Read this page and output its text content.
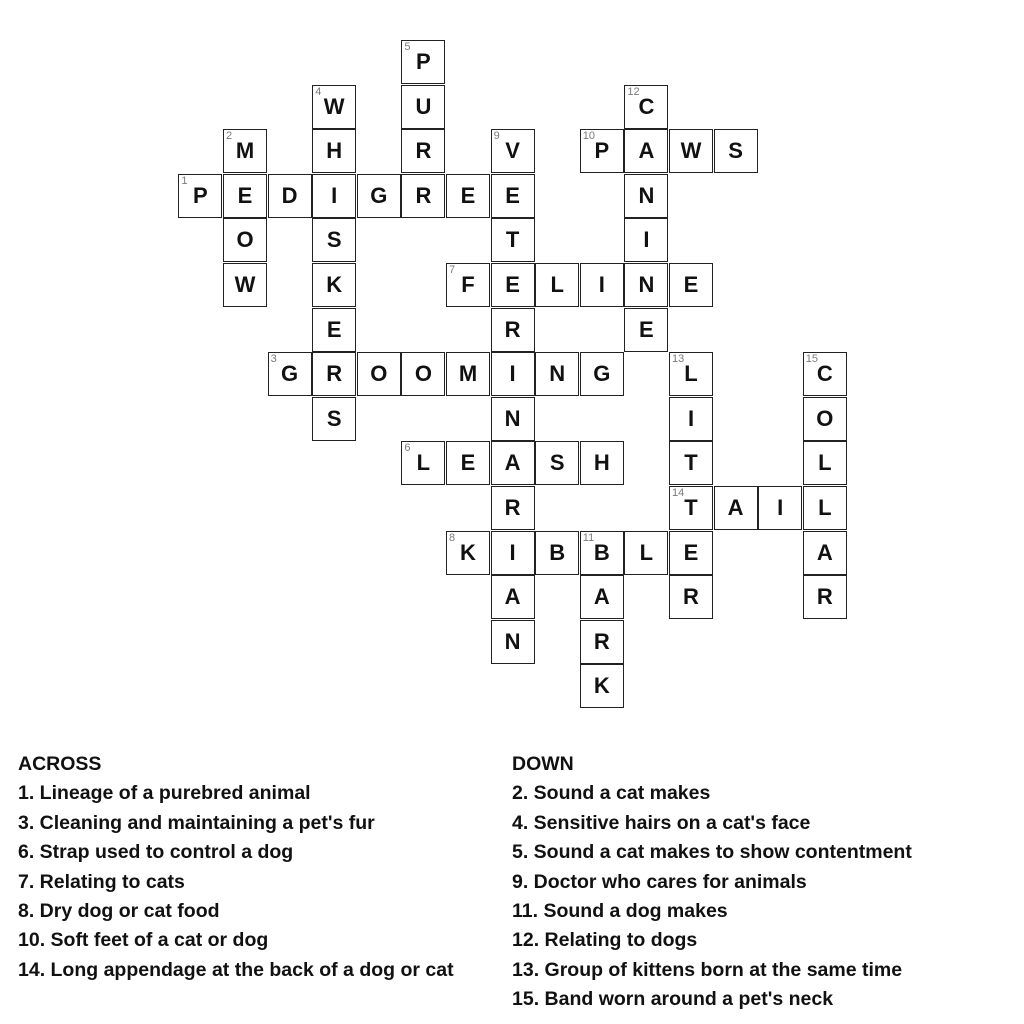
5
P
4
W	U
12
C
2
M	H	R
9
V
10
P	A	W	S
1
P	E	D	I	G	R	E	E	N
O	S	T	I
W	K
7
F	E	L	I	N	E
E	R	E
3
G	R	O	O	M	I	N	G
13
L
15
C
S	N	I	O
6
L	E	A	S	H	T	L
R
14
T	A	I	L
8
K	I	B
11
B	L	E	A
A	A	R	R
N	R
K
ACROSS
1. Lineage of a purebred animal
3. Cleaning and maintaining a pet's fur
6. Strap used to control a dog
7. Relating to cats
8. Dry dog or cat food
10. Soft feet of a cat or dog
14. Long appendage at the back of a dog or cat
DOWN
2. Sound a cat makes
4. Sensitive hairs on a cat's face
5. Sound a cat makes to show contentment
9. Doctor who cares for animals
11. Sound a dog makes
12. Relating to dogs
13. Group of kittens born at the same time
15. Band worn around a pet's neck
